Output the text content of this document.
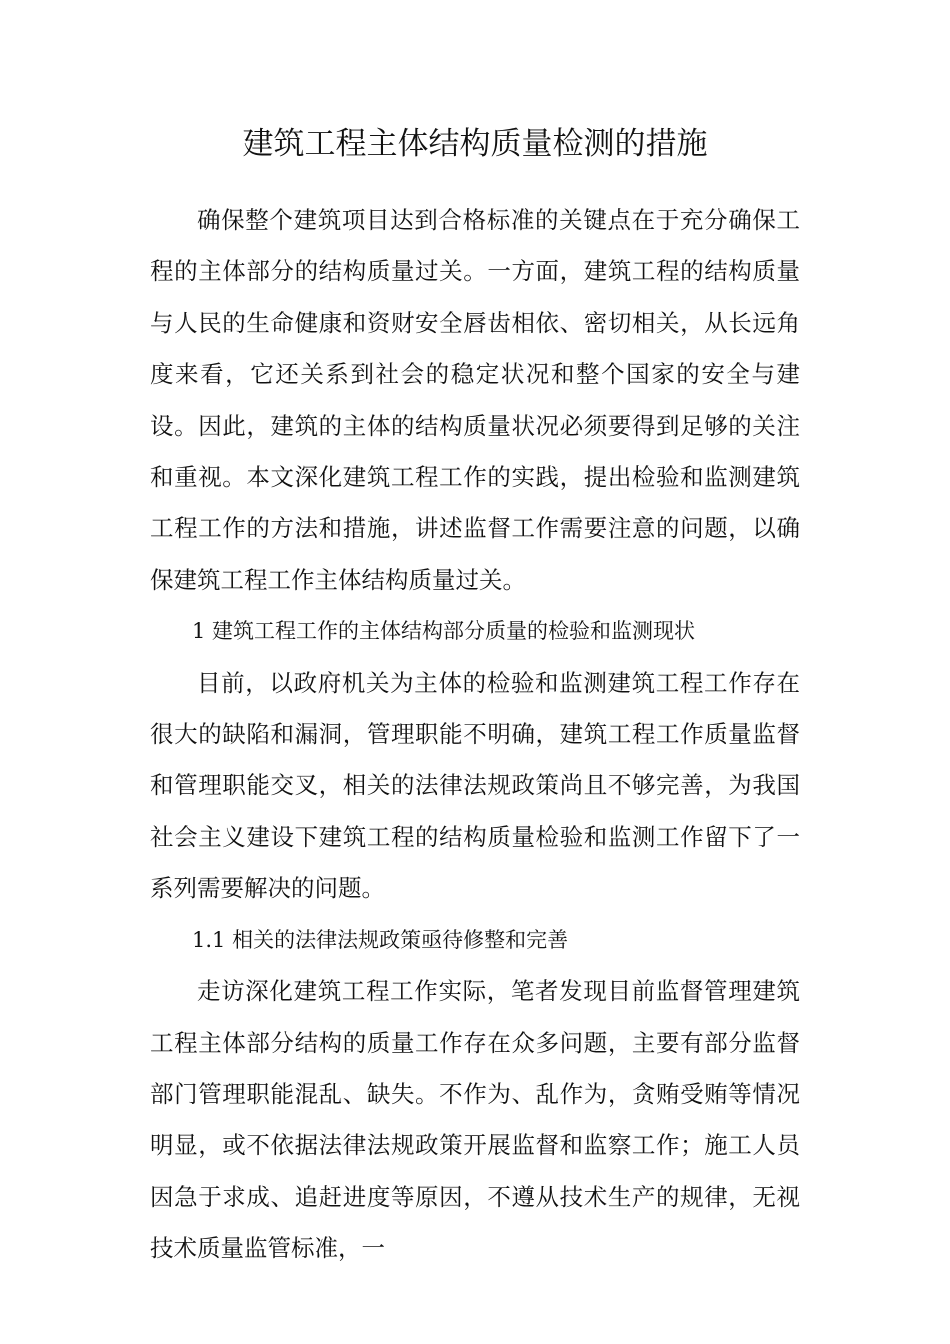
建筑工程主体结构质量检测的措施

确保整个建筑项目达到合格标准的关键点在于充分确保工程的主体部分的结构质量过关。一方面，建筑工程的结构质量与人民的生命健康和资财安全唇齿相依、密切相关，从长远角度来看，它还关系到社会的稳定状况和整个国家的安全与建设。因此，建筑的主体的结构质量状况必须要得到足够的关注和重视。本文深化建筑工程工作的实践，提出检验和监测建筑工程工作的方法和措施，讲述监督工作需要注意的问题，以确保建筑工程工作主体结构质量过关。

1 建筑工程工作的主体结构部分质量的检验和监测现状

目前，以政府机关为主体的检验和监测建筑工程工作存在很大的缺陷和漏洞，管理职能不明确，建筑工程工作质量监督和管理职能交叉，相关的法律法规政策尚且不够完善，为我国社会主义建设下建筑工程的结构质量检验和监测工作留下了一系列需要解决的问题。

1.1 相关的法律法规政策亟待修整和完善

走访深化建筑工程工作实际，笔者发现目前监督管理建筑工程主体部分结构的质量工作存在众多问题，主要有部分监督部门管理职能混乱、缺失。不作为、乱作为，贪贿受贿等情况明显，或不依据法律法规政策开展监督和监察工作；施工人员因急于求成、追赶进度等原因，不遵从技术生产的规律，无视技术质量监管标准，一
